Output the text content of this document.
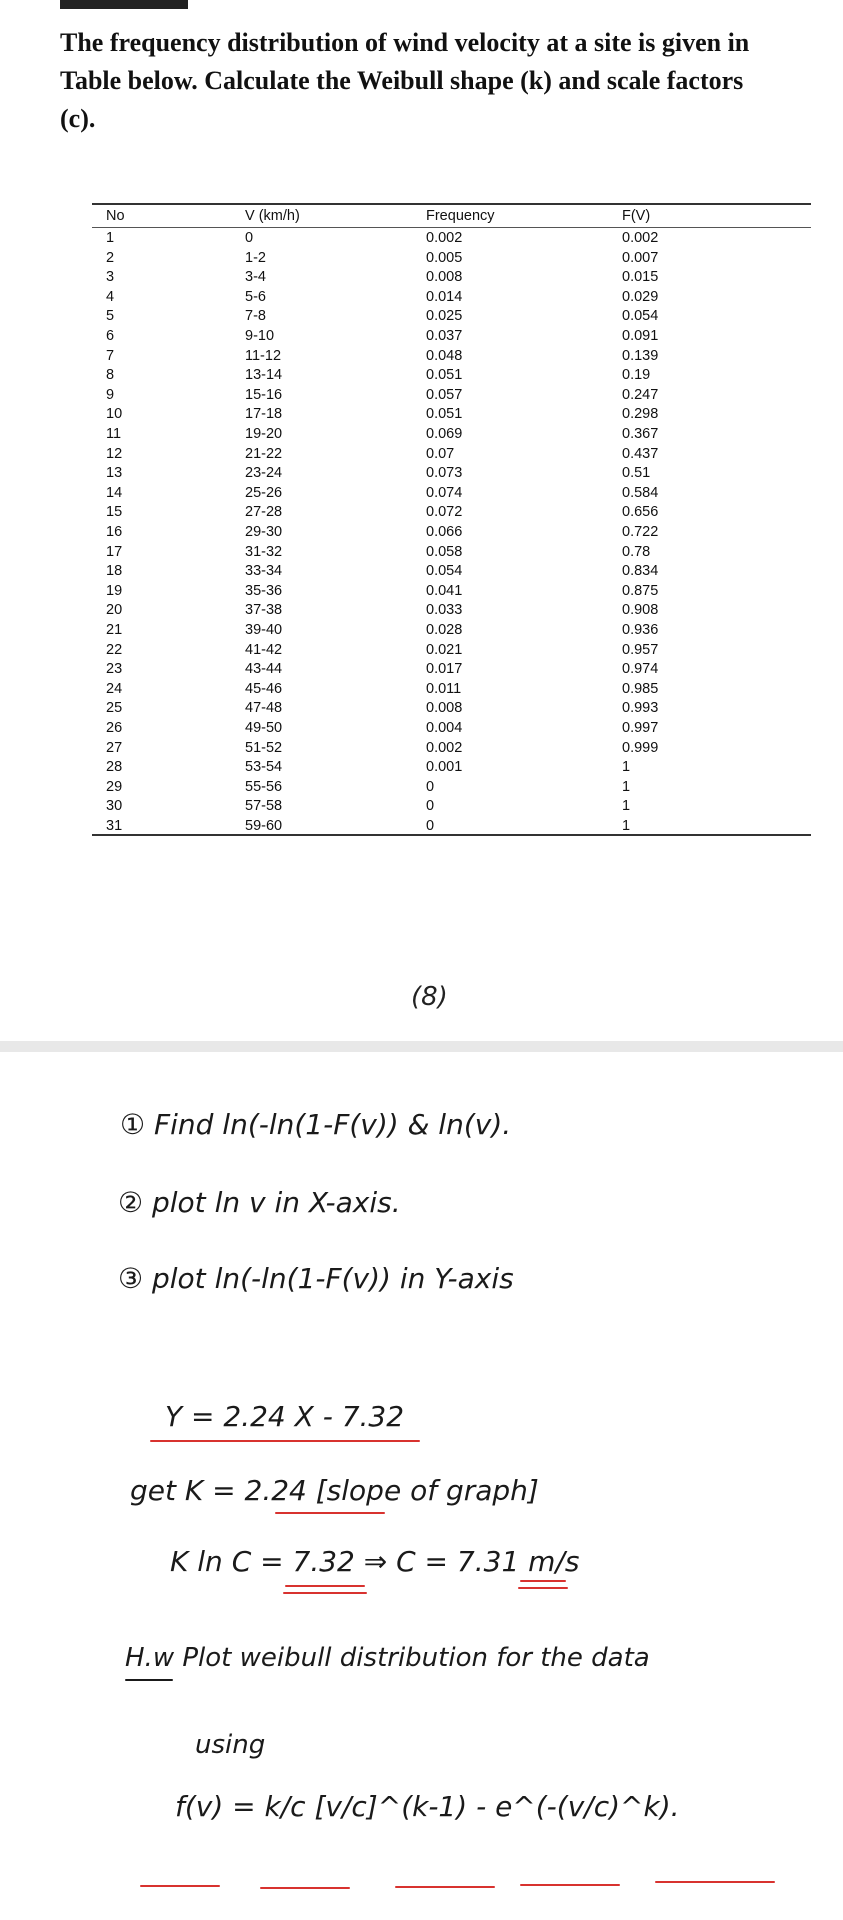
The frequency distribution of wind velocity at a site is given in Table below. Calculate the Weibull shape (k) and scale factors (c).
No	V (km/h)	Frequency	F(V)
1	0	0.002	0.002
2	1-2	0.005	0.007
3	3-4	0.008	0.015
4	5-6	0.014	0.029
5	7-8	0.025	0.054
6	9-10	0.037	0.091
7	11-12	0.048	0.139
8	13-14	0.051	0.19
9	15-16	0.057	0.247
10	17-18	0.051	0.298
11	19-20	0.069	0.367
12	21-22	0.07	0.437
13	23-24	0.073	0.51
14	25-26	0.074	0.584
15	27-28	0.072	0.656
16	29-30	0.066	0.722
17	31-32	0.058	0.78
18	33-34	0.054	0.834
19	35-36	0.041	0.875
20	37-38	0.033	0.908
21	39-40	0.028	0.936
22	41-42	0.021	0.957
23	43-44	0.017	0.974
24	45-46	0.011	0.985
25	47-48	0.008	0.993
26	49-50	0.004	0.997
27	51-52	0.002	0.999
28	53-54	0.001	1
29	55-56	0	1
30	57-58	0	1
31	59-60	0	1
(8)
① Find ln(-ln(1-F(v)) & ln(v).
② plot ln v in X-axis.
③ plot ln(-ln(1-F(v)) in Y-axis
Y = 2.24 X - 7.32
get K = 2.24 [slope of graph]
K ln C = 7.32 ⇒ C = 7.31 m/s
H.w Plot weibull distribution for the data
using
f(v) = k/c [v/c]^(k-1) - e^(-(v/c)^k).
